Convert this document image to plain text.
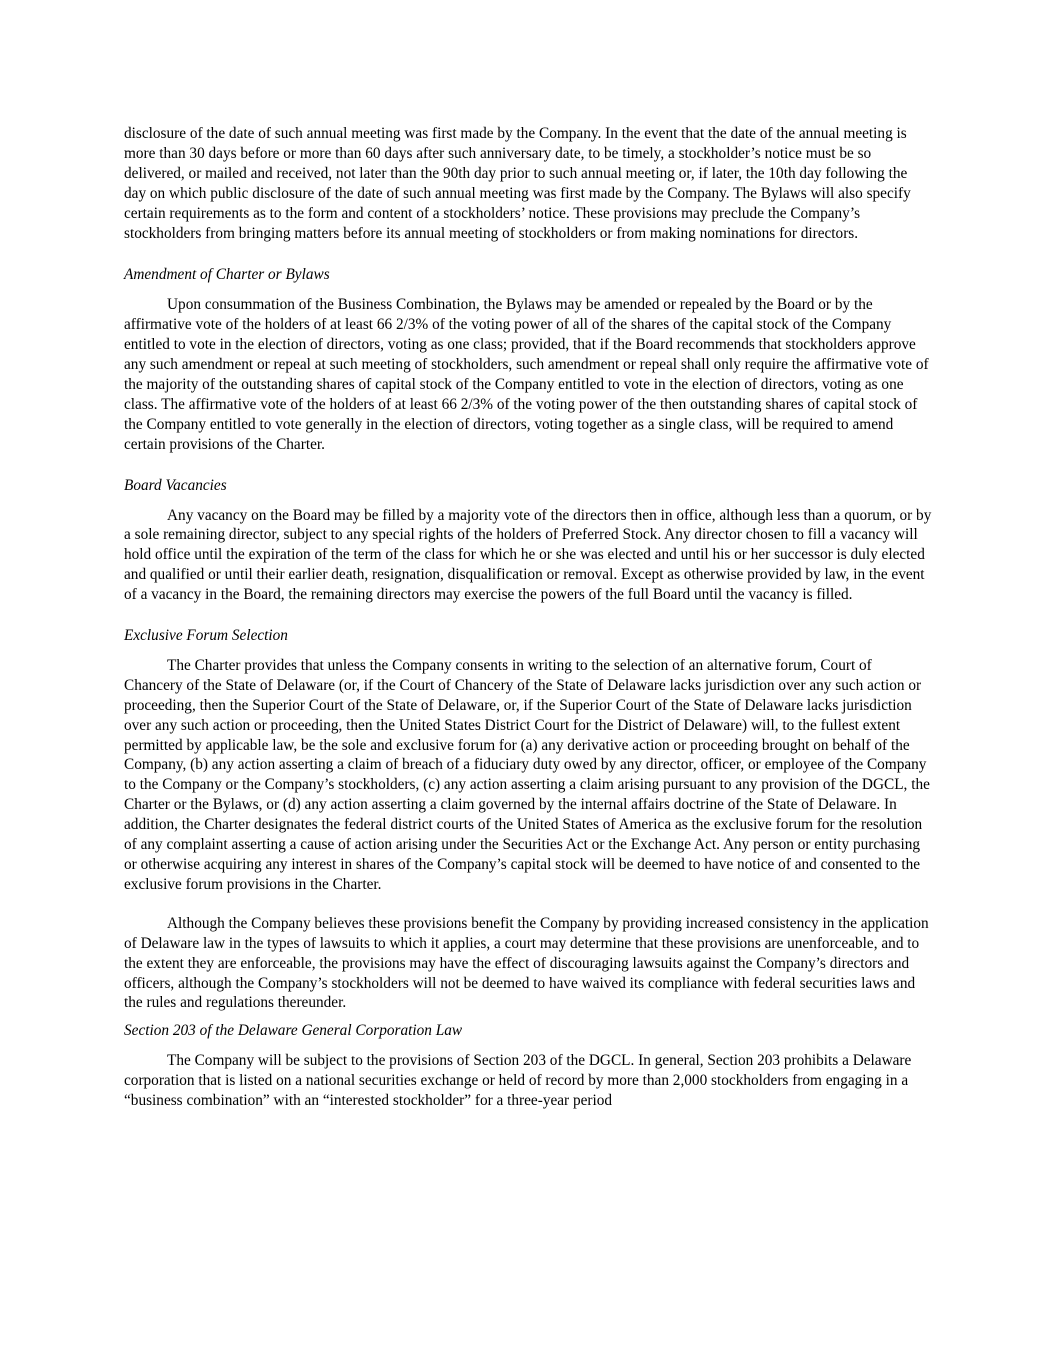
disclosure of the date of such annual meeting was first made by the Company. In the event that the date of the annual meeting is more than 30 days before or more than 60 days after such anniversary date, to be timely, a stockholder’s notice must be so delivered, or mailed and received, not later than the 90th day prior to such annual meeting or, if later, the 10th day following the day on which public disclosure of the date of such annual meeting was first made by the Company. The Bylaws will also specify certain requirements as to the form and content of a stockholders’ notice. These provisions may preclude the Company’s stockholders from bringing matters before its annual meeting of stockholders or from making nominations for directors.

Amendment of Charter or Bylaws

Upon consummation of the Business Combination, the Bylaws may be amended or repealed by the Board or by the affirmative vote of the holders of at least 66 2/3% of the voting power of all of the shares of the capital stock of the Company entitled to vote in the election of directors, voting as one class; provided, that if the Board recommends that stockholders approve any such amendment or repeal at such meeting of stockholders, such amendment or repeal shall only require the affirmative vote of the majority of the outstanding shares of capital stock of the Company entitled to vote in the election of directors, voting as one class. The affirmative vote of the holders of at least 66 2/3% of the voting power of the then outstanding shares of capital stock of the Company entitled to vote generally in the election of directors, voting together as a single class, will be required to amend certain provisions of the Charter.

Board Vacancies

Any vacancy on the Board may be filled by a majority vote of the directors then in office, although less than a quorum, or by a sole remaining director, subject to any special rights of the holders of Preferred Stock. Any director chosen to fill a vacancy will hold office until the expiration of the term of the class for which he or she was elected and until his or her successor is duly elected and qualified or until their earlier death, resignation, disqualification or removal. Except as otherwise provided by law, in the event of a vacancy in the Board, the remaining directors may exercise the powers of the full Board until the vacancy is filled.

Exclusive Forum Selection

The Charter provides that unless the Company consents in writing to the selection of an alternative forum, Court of Chancery of the State of Delaware (or, if the Court of Chancery of the State of Delaware lacks jurisdiction over any such action or proceeding, then the Superior Court of the State of Delaware, or, if the Superior Court of the State of Delaware lacks jurisdiction over any such action or proceeding, then the United States District Court for the District of Delaware) will, to the fullest extent permitted by applicable law, be the sole and exclusive forum for (a) any derivative action or proceeding brought on behalf of the Company, (b) any action asserting a claim of breach of a fiduciary duty owed by any director, officer, or employee of the Company to the Company or the Company’s stockholders, (c) any action asserting a claim arising pursuant to any provision of the DGCL, the Charter or the Bylaws, or (d) any action asserting a claim governed by the internal affairs doctrine of the State of Delaware. In addition, the Charter designates the federal district courts of the United States of America as the exclusive forum for the resolution of any complaint asserting a cause of action arising under the Securities Act or the Exchange Act. Any person or entity purchasing or otherwise acquiring any interest in shares of the Company’s capital stock will be deemed to have notice of and consented to the exclusive forum provisions in the Charter.

Although the Company believes these provisions benefit the Company by providing increased consistency in the application of Delaware law in the types of lawsuits to which it applies, a court may determine that these provisions are unenforceable, and to the extent they are enforceable, the provisions may have the effect of discouraging lawsuits against the Company’s directors and officers, although the Company’s stockholders will not be deemed to have waived its compliance with federal securities laws and the rules and regulations thereunder.

Section 203 of the Delaware General Corporation Law

The Company will be subject to the provisions of Section 203 of the DGCL. In general, Section 203 prohibits a Delaware corporation that is listed on a national securities exchange or held of record by more than 2,000 stockholders from engaging in a “business combination” with an “interested stockholder” for a three-year period
